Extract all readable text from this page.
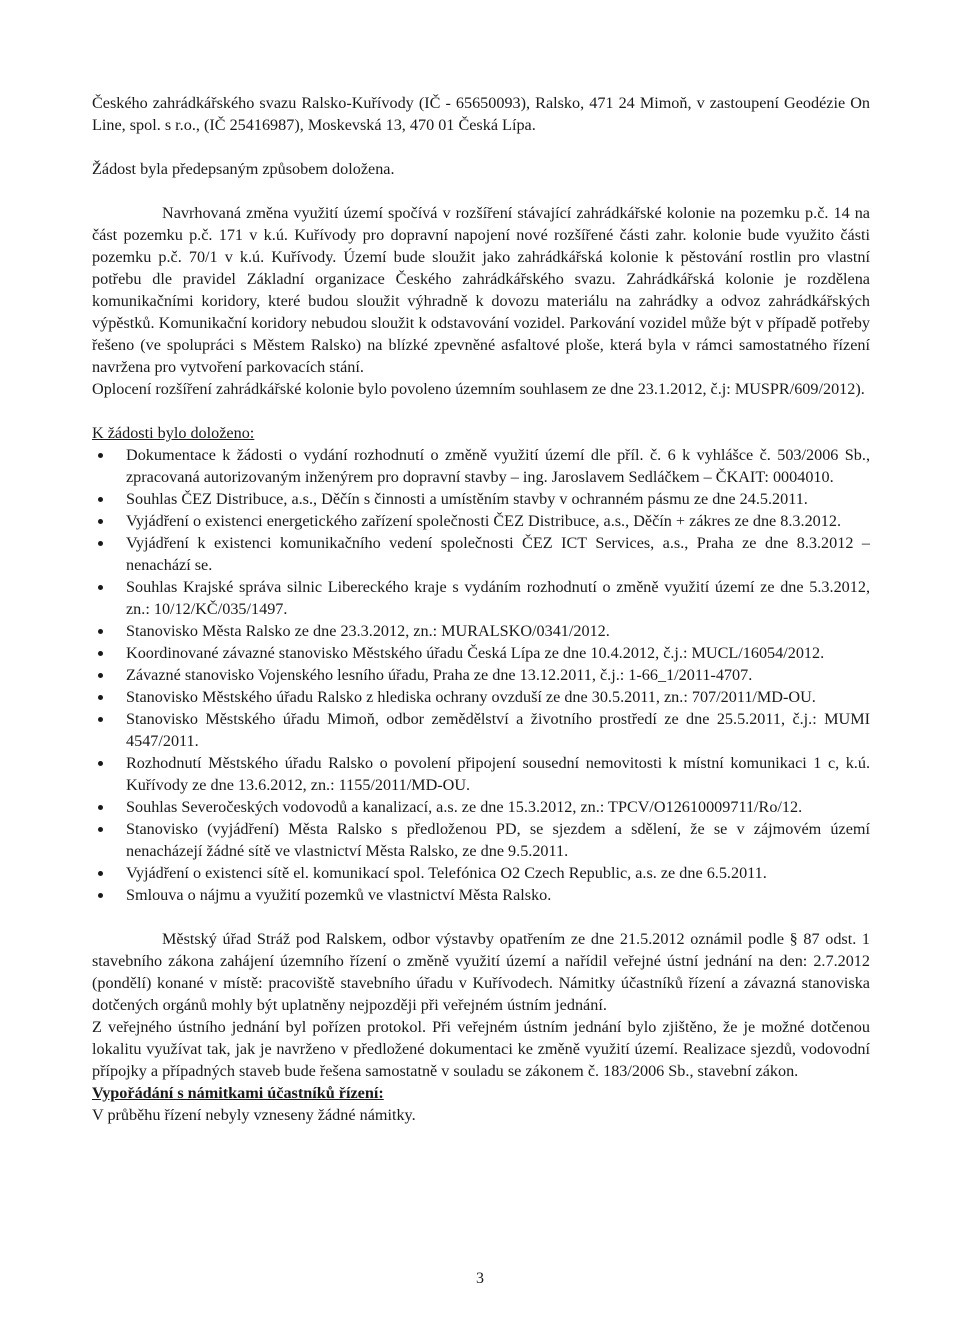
Českého zahrádkářského svazu Ralsko-Kuřívody (IČ - 65650093), Ralsko, 471 24 Mimoň, v zastoupení Geodézie On Line, spol. s r.o., (IČ 25416987), Moskevská 13, 470 01 Česká Lípa.

Žádost byla předepsaným způsobem doložena.

Navrhovaná změna využití území spočívá v rozšíření stávající zahrádkářské kolonie na pozemku p.č. 14 na část pozemku p.č. 171 v k.ú. Kuřívody pro dopravní napojení nové rozšířené části zahr. kolonie bude využito části pozemku p.č. 70/1 v k.ú. Kuřívody. Území bude sloužit jako zahrádkářská kolonie k pěstování rostlin pro vlastní potřebu dle pravidel Základní organizace Českého zahrádkářského svazu. Zahrádkářská kolonie je rozdělena komunikačními koridory, které budou sloužit výhradně k dovozu materiálu na zahrádky a odvoz zahrádkářských výpěstků. Komunikační koridory nebudou sloužit k odstavování vozidel. Parkování vozidel může být v případě potřeby řešeno (ve spolupráci s Městem Ralsko) na blízké zpevněné asfaltové ploše, která byla v rámci samostatného řízení navržena pro vytvoření parkovacích stání.

Oplocení rozšíření zahrádkářské kolonie bylo povoleno územním souhlasem ze dne 23.1.2012, č.j: MUSPR/609/2012).

K žádosti bylo doloženo:

Dokumentace k žádosti o vydání rozhodnutí o změně využití území dle příl. č. 6 k vyhlášce č. 503/2006 Sb., zpracovaná autorizovaným inženýrem pro dopravní stavby – ing. Jaroslavem Sedláčkem – ČKAIT: 0004010.
Souhlas ČEZ Distribuce, a.s., Děčín s činnosti a umístěním stavby v ochranném pásmu ze dne 24.5.2011.
Vyjádření o existenci energetického zařízení společnosti ČEZ Distribuce, a.s., Děčín + zákres ze dne 8.3.2012.
Vyjádření k existenci komunikačního vedení společnosti ČEZ ICT Services, a.s., Praha ze dne 8.3.2012 – nenachází se.
Souhlas Krajské správa silnic Libereckého kraje s vydáním rozhodnutí o změně využití území ze dne 5.3.2012, zn.: 10/12/KČ/035/1497.
Stanovisko Města Ralsko ze dne 23.3.2012, zn.: MURALSKO/0341/2012.
Koordinované závazné stanovisko Městského úřadu Česká Lípa ze dne 10.4.2012, č.j.: MUCL/16054/2012.
Závazné stanovisko Vojenského lesního úřadu, Praha ze dne 13.12.2011, č.j.: 1-66_1/2011-4707.
Stanovisko Městského úřadu Ralsko z hlediska ochrany ovzduší ze dne 30.5.2011, zn.: 707/2011/MD-OU.
Stanovisko Městského úřadu Mimoň, odbor zemědělství a životního prostředí ze dne 25.5.2011, č.j.: MUMI 4547/2011.
Rozhodnutí Městského úřadu Ralsko o povolení připojení sousední nemovitosti k místní komunikaci 1 c, k.ú. Kuřívody ze dne 13.6.2012, zn.: 1155/2011/MD-OU.
Souhlas Severočeských vodovodů a kanalizací, a.s. ze dne 15.3.2012, zn.: TPCV/O12610009711/Ro/12.
Stanovisko (vyjádření) Města Ralsko s předloženou PD, se sjezdem a sdělení, že se v zájmovém území nenacházejí žádné sítě ve vlastnictví Města Ralsko, ze dne 9.5.2011.
Vyjádření o existenci sítě el. komunikací spol. Telefónica O2 Czech Republic, a.s. ze dne 6.5.2011.
Smlouva o nájmu a využití pozemků ve vlastnictví Města Ralsko.

Městský úřad Stráž pod Ralskem, odbor výstavby opatřením ze dne 21.5.2012 oznámil podle § 87 odst. 1 stavebního zákona zahájení územního řízení o změně využití území a nařídil veřejné ústní jednání na den: 2.7.2012 (pondělí) konané v místě: pracoviště stavebního úřadu v Kuřívodech. Námitky účastníků řízení a závazná stanoviska dotčených orgánů mohly být uplatněny nejpozději při veřejném ústním jednání.

Z veřejného ústního jednání byl pořízen protokol. Při veřejném ústním jednání bylo zjištěno, že je možné dotčenou lokalitu využívat tak, jak je navrženo v předložené dokumentaci ke změně využití území. Realizace sjezdů, vodovodní přípojky a případných staveb bude řešena samostatně v souladu se zákonem č. 183/2006 Sb., stavební zákon.

Vypořádání s námitkami účastníků řízení:

V průběhu řízení nebyly vzneseny žádné námitky.

3
